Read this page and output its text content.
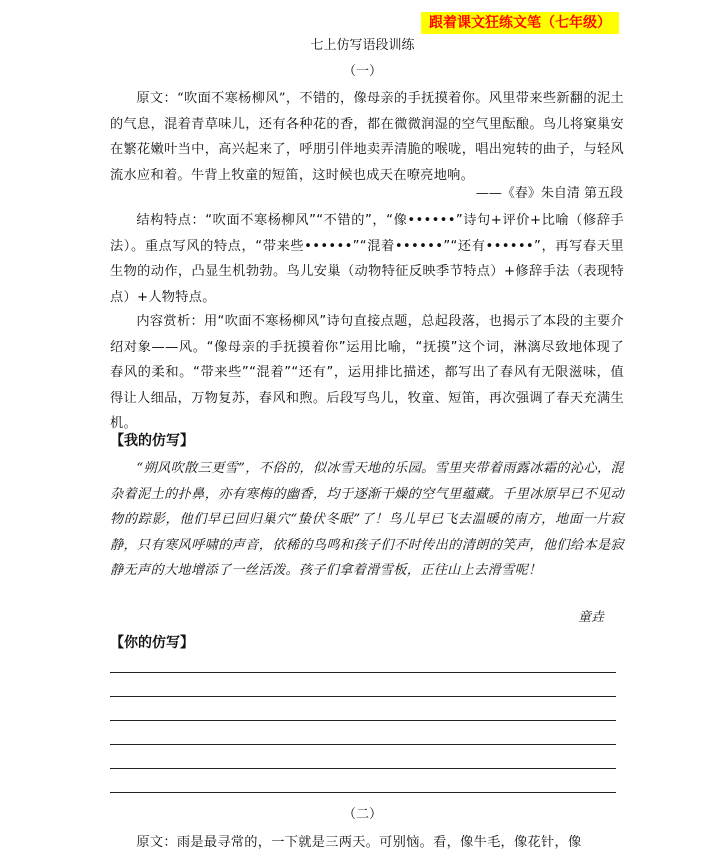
跟着课文狂练文笔（七年级）
七上仿写语段训练
（一）

原文：“吹面不寒杨柳风”，不错的，像母亲的手抚摸着你。风里带来些新翻的泥土的气息，混着青草味儿，还有各种花的香，都在微微润湿的空气里酝酿。鸟儿将窠巢安在繁花嫩叶当中，高兴起来了，呼朋引伴地卖弄清脆的喉咙，唱出宛转的曲子，与轻风流水应和着。牛背上牧童的短笛，这时候也成天在嘹亮地响。

——《春》朱自清 第五段

结构特点：“吹面不寒杨柳风”“不错的”，“像••••••”诗句+评价+比喻（修辞手法）。重点写风的特点，“带来些••••••”“混着••••••”“还有••••••”，再写春天里生物的动作，凸显生机勃勃。鸟儿安巢（动物特征反映季节特点）+修辞手法（表现特点）+人物特点。

内容赏析：用“吹面不寒杨柳风”诗句直接点题，总起段落，也揭示了本段的主要介绍对象——风。“像母亲的手抚摸着你”运用比喻，“抚摸”这个词，淋漓尽致地体现了春风的柔和。“带来些”“混着”“还有”，运用排比描述，都写出了春风有无限滋味，值得让人细品，万物复苏，春风和煦。后段写鸟儿，牧童、短笛，再次强调了春天充满生机。

【我的仿写】

“朔风吹散三更雪”，不俗的，似冰雪天地的乐园。雪里夹带着雨露冰霜的沁心，混杂着泥土的扑鼻，亦有寒梅的幽香，均于逐渐干燥的空气里蕴藏。千里冰原早已不见动物的踪影，他们早已回归巢穴“蛰伏冬眠”了！鸟儿早已飞去温暖的南方，地面一片寂静，只有寒风呼啸的声音，依稀的鸟鸣和孩子们不时传出的清朗的笑声，他们给本是寂静无声的大地增添了一丝活泼。孩子们拿着滑雪板，正往山上去滑雪呢！

童垚
【你的仿写】
（二）

原文：雨是最寻常的，一下就是三两天。可别恼。看，像牛毛，像花针，像
